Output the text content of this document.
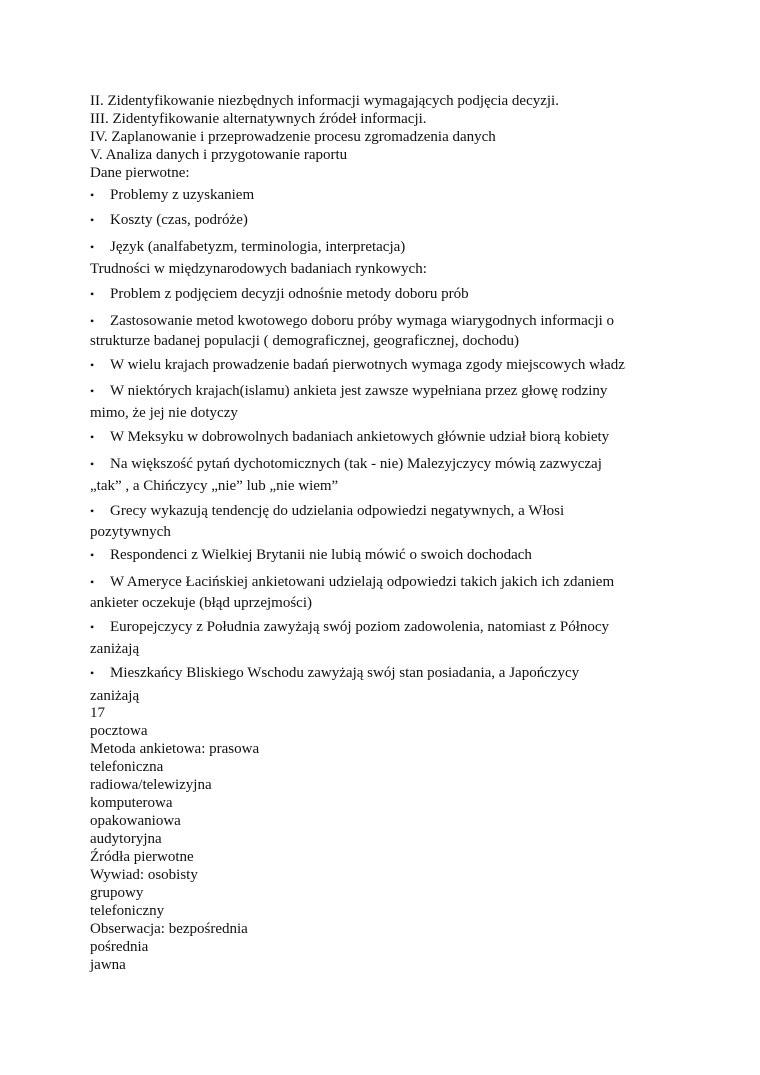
II. Zidentyfikowanie niezbędnych informacji wymagających podjęcia decyzji.
III. Zidentyfikowanie alternatywnych źródeł informacji.
IV. Zaplanowanie i przeprowadzenie procesu zgromadzenia danych
V. Analiza danych i przygotowanie raportu
Dane pierwotne:
• Problemy z uzyskaniem
• Koszty (czas, podróże)
• Język (analfabetyzm, terminologia, interpretacja)
Trudności w międzynarodowych badaniach rynkowych:
• Problem z podjęciem decyzji odnośnie metody doboru prób
• Zastosowanie metod kwotowego doboru próby wymaga wiarygodnych informacji o
strukturze badanej populacji ( demograficznej, geograficznej, dochodu)
• W wielu krajach prowadzenie badań pierwotnych wymaga zgody miejscowych władz
• W niektórych krajach(islamu) ankieta jest zawsze wypełniana przez głowę rodziny
mimo, że jej nie dotyczy
• W Meksyku w dobrowolnych badaniach ankietowych głównie udział biorą kobiety
• Na większość pytań dychotomicznych (tak - nie) Malezyjczycy mówią zazwyczaj
„tak” , a Chińczycy „nie” lub „nie wiem”
• Grecy wykazują tendencję do udzielania odpowiedzi negatywnych, a Włosi
pozytywnych
• Respondenci z Wielkiej Brytanii nie lubią mówić o swoich dochodach
• W Ameryce Łacińskiej ankietowani udzielają odpowiedzi takich jakich ich zdaniem
ankieter oczekuje (błąd uprzejmości)
• Europejczycy z Południa zawyżają swój poziom zadowolenia, natomiast z Północy
zaniżają
• Mieszkańcy Bliskiego Wschodu zawyżają swój stan posiadania, a Japończycy
zaniżają
17
pocztowa
Metoda ankietowa: prasowa
telefoniczna
radiowa/telewizyjna
komputerowa
opakowaniowa
audytoryjna
Źródła pierwotne
Wywiad: osobisty
grupowy
telefoniczny
Obserwacja: bezpośrednia
pośrednia
jawna
